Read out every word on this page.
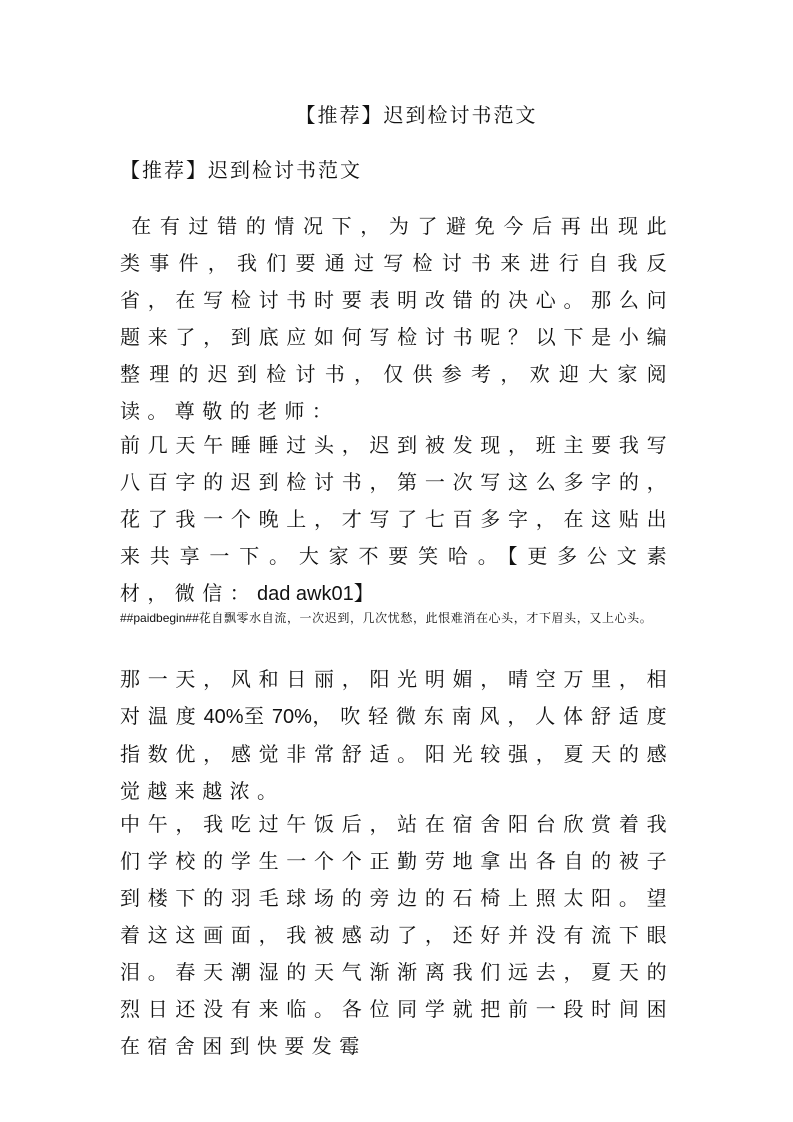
【推荐】迟到检讨书范文
【推荐】迟到检讨书范文
在有过错的情况下，为了避免今后再出现此类事件，我们要通过写检讨书来进行自我反省，在写检讨书时要表明改错的决心。那么问题来了，到底应如何写检讨书呢？以下是小编整理的迟到检讨书，仅供参考，欢迎大家阅读。尊敬的老师：
前几天午睡睡过头，迟到被发现，班主要我写八百字的迟到检讨书，第一次写这么多字的，花了我一个晚上，才写了七百多字，在这贴出来共享一下。大家不要笑哈。【更多公文素材，微信：dad awk01】
##paidbegin##花自飘零水自流，一次迟到，几次忧愁，此恨难消在心头，才下眉头，又上心头。
那一天，风和日丽，阳光明媚，晴空万里，相对温度40%至70%，吹轻微东南风，人体舒适度指数优，感觉非常舒适。阳光较强，夏天的感觉越来越浓。
中午，我吃过午饭后，站在宿舍阳台欣赏着我们学校的学生一个个正勤劳地拿出各自的被子到楼下的羽毛球场的旁边的石椅上照太阳。望着这这画面，我被感动了，还好并没有流下眼泪。春天潮湿的天气渐渐离我们远去，夏天的烈日还没有来临。各位同学就把前一段时间困在宿舍困到快要发霉
